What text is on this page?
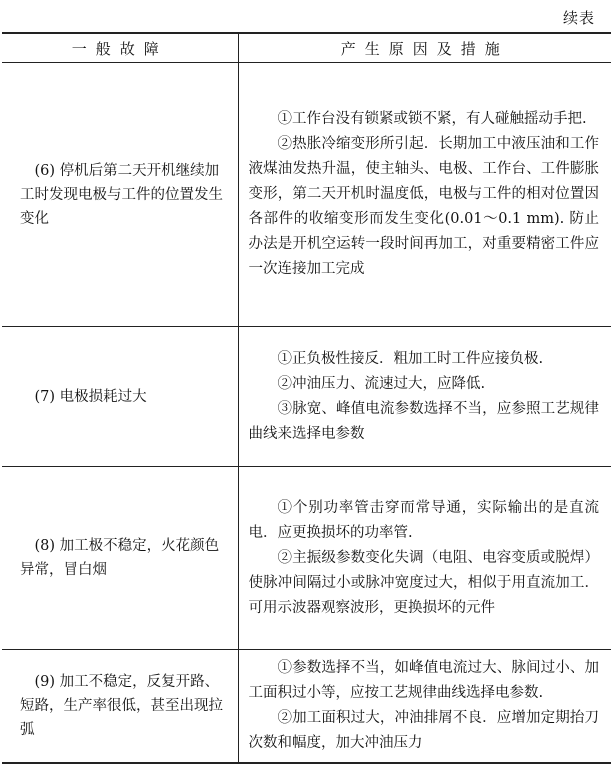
续表
一般故障	产生原因及措施

(6) 停机后第二天开机继续加工时发现电极与工件的位置发生变化	①工作台没有锁紧或锁不紧，有人碰触摇动手把.

②热胀冷缩变形所引起．长期加工中液压油和工作液煤油发热升温，使主轴头、电极、工作台、工件膨胀变形，第二天开机时温度低，电极与工件的相对位置因各部件的收缩变形而发生变化(0.01～0.1 mm). 防止办法是开机空运转一段时间再加工，对重要精密工件应一次连接加工完成

(7) 电极损耗过大	①正负极性接反．粗加工时工件应接负极.

②冲油压力、流速过大，应降低.

③脉宽、峰值电流参数选择不当，应参照工艺规律曲线来选择电参数

(8) 加工极不稳定，火花颜色异常，冒白烟	①个别功率管击穿而常导通，实际输出的是直流电．应更换损坏的功率管.

②主振级参数变化失调（电阻、电容变质或脱焊）使脉冲间隔过小或脉冲宽度过大，相似于用直流加工．可用示波器观察波形，更换损坏的元件

(9) 加工不稳定，反复开路、短路，生产率很低，甚至出现拉弧	①参数选择不当，如峰值电流过大、脉间过小、加工面积过小等，应按工艺规律曲线选择电参数.

②加工面积过大，冲油排屑不良．应增加定期抬刀次数和幅度，加大冲油压力
